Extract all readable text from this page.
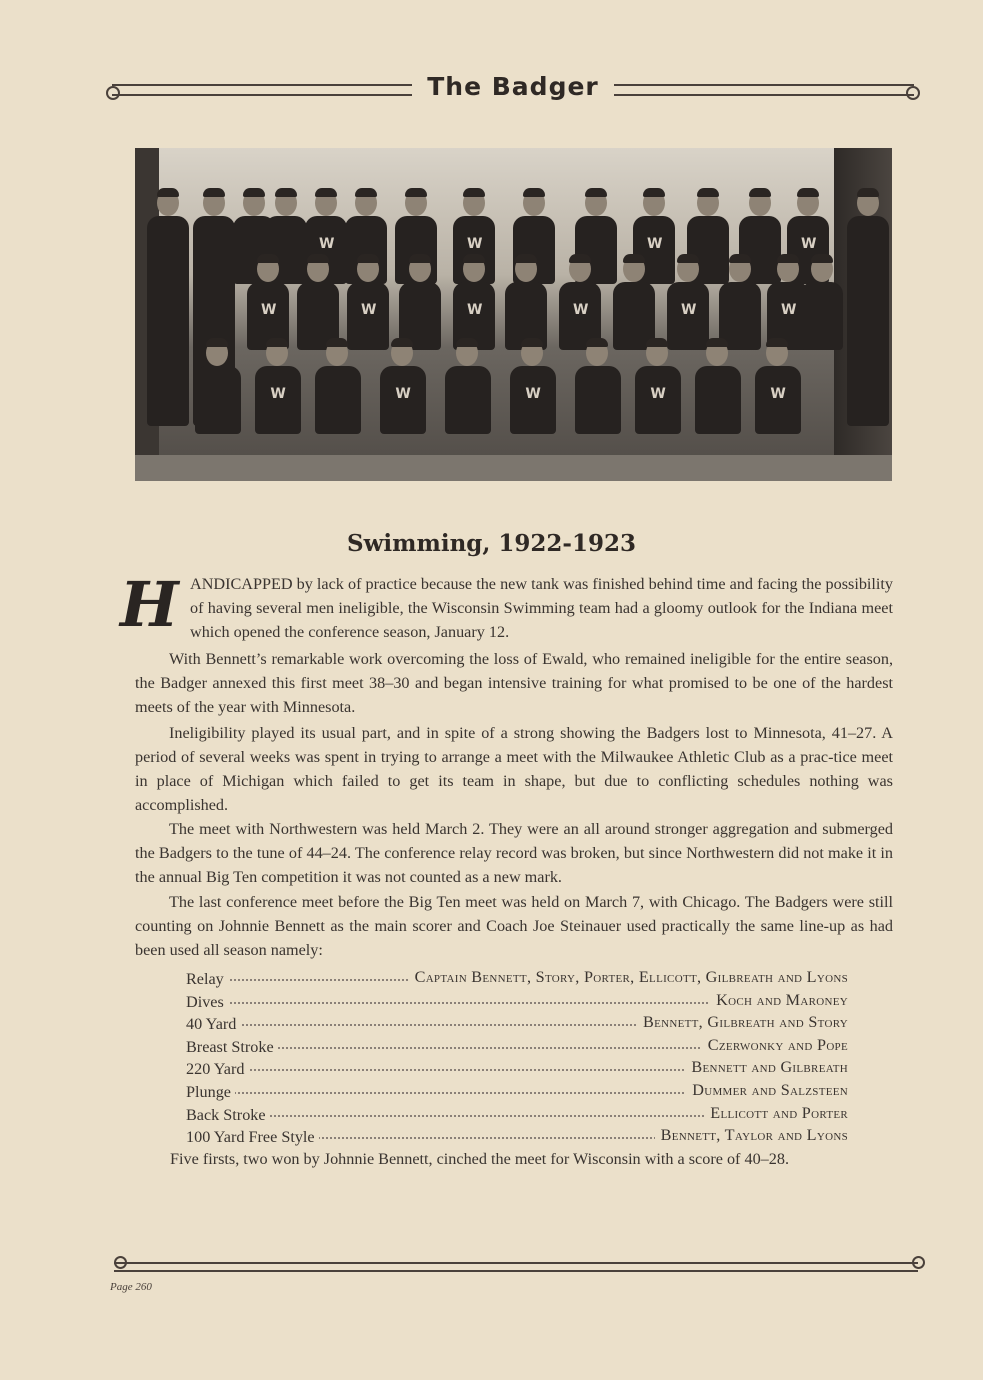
The Badger
W	W	W	W
W	W	W	W	W	W
W	W	W	W	W
Swimming, 1922-1923
H ANDICAPPED by lack of practice because the new tank was finished behind time and facing the possibility of having several men ineligible, the Wisconsin Swimming team had a gloomy outlook for the Indiana meet which opened the conference season, January 12.
With Bennett’s remarkable work overcoming the loss of Ewald, who remained ineligible for the entire season, the Badger annexed this first meet 38–30 and began intensive training for what promised to be one of the hardest meets of the year with Minnesota.
Ineligibility played its usual part, and in spite of a strong showing the Badgers lost to Minnesota, 41–27. A period of several weeks was spent in trying to arrange a meet with the Milwaukee Athletic Club as a prac-tice meet in place of Michigan which failed to get its team in shape, but due to conflicting schedules nothing was accomplished.
The meet with Northwestern was held March 2. They were an all around stronger aggregation and submerged the Badgers to the tune of 44–24. The conference relay record was broken, but since Northwestern did not make it in the annual Big Ten competition it was not counted as a new mark.
The last conference meet before the Big Ten meet was held on March 7, with Chicago. The Badgers were still counting on Johnnie Bennett as the main scorer and Coach Joe Steinauer used practically the same line-up as had been used all season namely:
Relay	Captain Bennett, Story, Porter, Ellicott, Gilbreath and Lyons
Dives	Koch and Maroney
40 Yard	Bennett, Gilbreath and Story
Breast Stroke	Czerwonky and Pope
220 Yard	Bennett and Gilbreath
Plunge	Dummer and Salzsteen
Back Stroke	Ellicott and Porter
100 Yard Free Style	Bennett, Taylor and Lyons
Five firsts, two won by Johnnie Bennett, cinched the meet for Wisconsin with a score of 40–28.
Page 260
